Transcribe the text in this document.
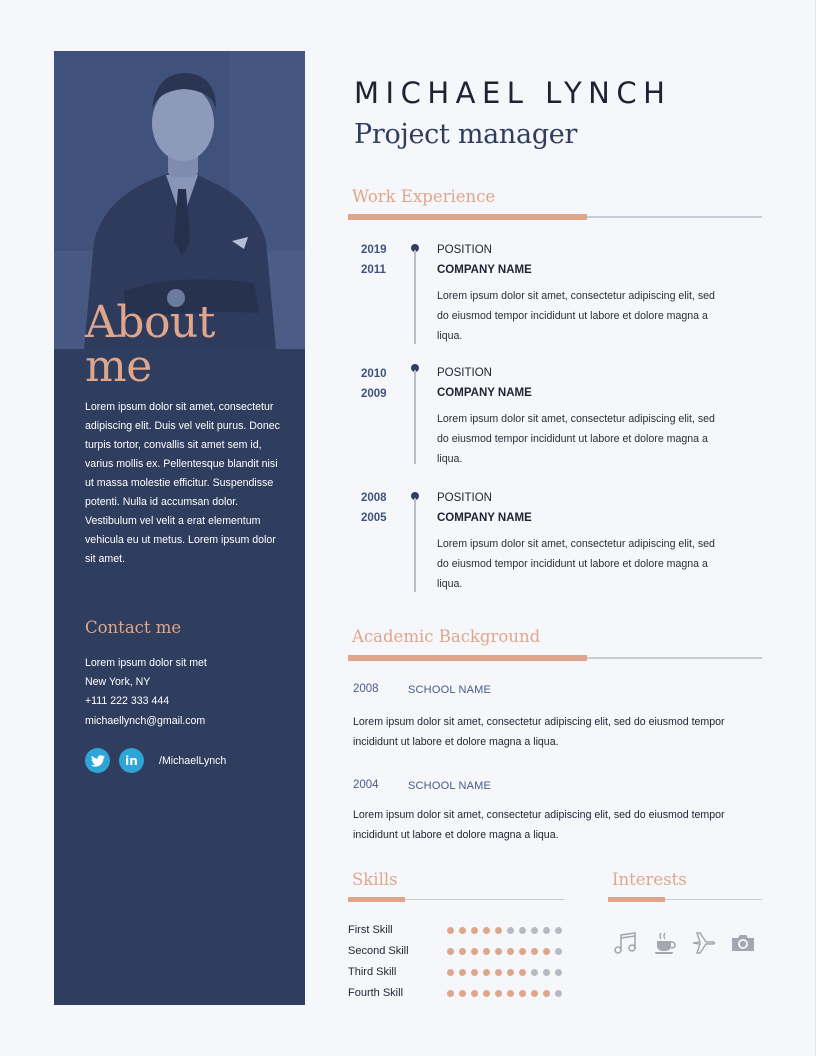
About
me
Lorem ipsum dolor sit amet, consectetur adipiscing elit. Duis vel velit purus. Donec turpis tortor, convallis sit amet sem id, varius mollis ex. Pellentesque blandit nisi ut massa molestie efficitur. Suspendisse potenti. Nulla id accumsan dolor. Vestibulum vel velit a erat elementum vehicula eu ut metus. Lorem ipsum dolor sit amet.
Contact me
Lorem ipsum dolor sit met
New York, NY
+111 222 333 444
michaellynch@gmail.com
in /MichaelLynch
MICHAEL LYNCH
Project manager
Work Experience
2019
2011
POSITION
COMPANY NAME
Lorem ipsum dolor sit amet, consectetur adipiscing elit, sed do eiusmod tempor incididunt ut labore et dolore magna a liqua.
2010
2009
POSITION
COMPANY NAME
Lorem ipsum dolor sit amet, consectetur adipiscing elit, sed do eiusmod tempor incididunt ut labore et dolore magna a liqua.
2008
2005
POSITION
COMPANY NAME
Lorem ipsum dolor sit amet, consectetur adipiscing elit, sed do eiusmod tempor incididunt ut labore et dolore magna a liqua.
Academic Background
2008	SCHOOL NAME
Lorem ipsum dolor sit amet, consectetur adipiscing elit, sed do eiusmod tempor incididunt ut labore et dolore magna a liqua.
2004	SCHOOL NAME
Lorem ipsum dolor sit amet, consectetur adipiscing elit, sed do eiusmod tempor incididunt ut labore et dolore magna a liqua.
Skills
First Skill
Second Skill
Third Skill
Fourth Skill
Interests
